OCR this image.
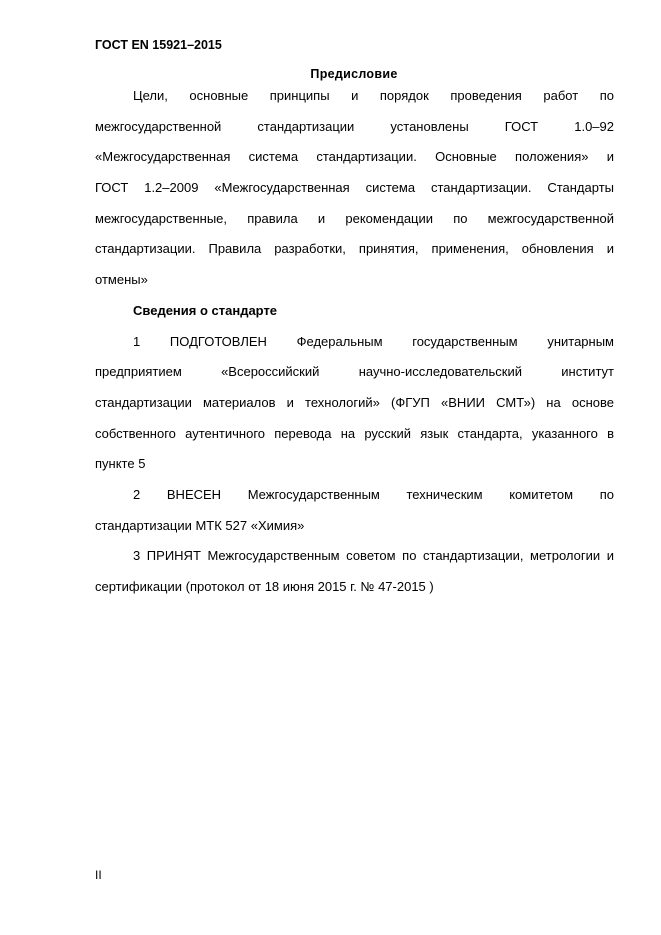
ГОСТ EN 15921–2015
Предисловие
Цели, основные принципы и порядок проведения работ по
межгосударственной стандартизации установлены ГОСТ 1.0–92
«Межгосударственная система стандартизации. Основные положения» и
ГОСТ 1.2–2009 «Межгосударственная система стандартизации. Стандарты
межгосударственные, правила и рекомендации по межгосударственной
стандартизации. Правила разработки, принятия, применения, обновления и
отмены»
Сведения о стандарте
1 ПОДГОТОВЛЕН Федеральным государственным унитарным
предприятием «Всероссийский научно-исследовательский институт
стандартизации материалов и технологий» (ФГУП «ВНИИ СМТ») на основе
собственного аутентичного перевода на русский язык стандарта, указанного в
пункте 5
2 ВНЕСЕН Межгосударственным техническим комитетом по
стандартизации МТК 527 «Химия»
3 ПРИНЯТ Межгосударственным советом по стандартизации, метрологии и
сертификации (протокол от 18 июня 2015 г. № 47-2015 )
II
